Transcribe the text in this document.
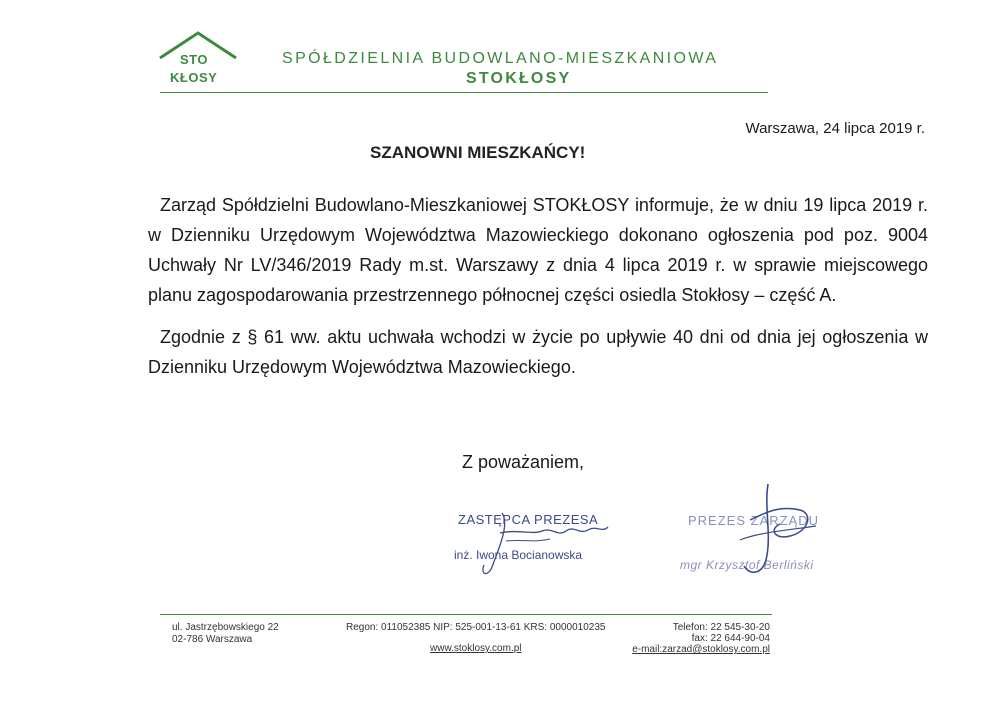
STO
KŁOSY
SPÓŁDZIELNIA BUDOWLANO-MIESZKANIOWA
STOKŁOSY
Warszawa, 24 lipca 2019 r.
SZANOWNI MIESZKAŃCY!

Zarząd Spółdzielni Budowlano-Mieszkaniowej STOKŁOSY informuje, że w dniu 19 lipca 2019 r. w Dzienniku Urzędowym Województwa Mazowieckiego dokonano ogłoszenia pod poz. 9004 Uchwały Nr LV/346/2019 Rady m.st. Warszawy z dnia 4 lipca 2019 r. w sprawie miejscowego planu zagospodarowania przestrzennego północnej części osiedla Stokłosy – część A.

Zgodnie z § 61 ww. aktu uchwała wchodzi w życie po upływie 40 dni od dnia jej ogłoszenia w Dzienniku Urzędowym Województwa Mazowieckiego.

Z poważaniem,
ZASTĘPCA PREZESA
inż. Iwona Bocianowska
PREZES ZARZĄDU
mgr Krzysztof Berliński
ul. Jastrzębowskiego 22
02-786 Warszawa
Regon: 011052385 NIP: 525-001-13-61 KRS: 0000010235
www.stoklosy.com.pl
Telefon: 22 545-30-20
fax: 22 644-90-04
e-mail:zarzad@stoklosy.com.pl
